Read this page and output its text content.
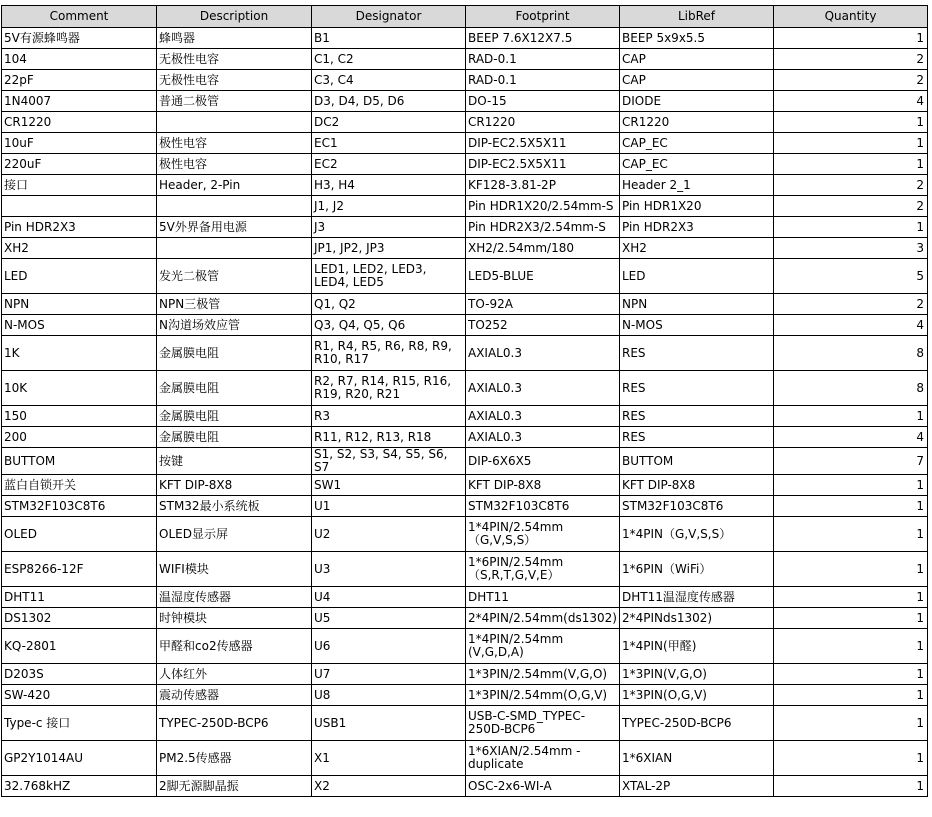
Comment	Description	Designator	Footprint	LibRef	Quantity
5V有源蜂鸣器	蜂鸣器	B1	BEEP 7.6X12X7.5	BEEP 5x9x5.5	1
104	无极性电容	C1, C2	RAD-0.1	CAP	2
22pF	无极性电容	C3, C4	RAD-0.1	CAP	2
1N4007	普通二极管	D3, D4, D5, D6	DO-15	DIODE	4
CR1220		DC2	CR1220	CR1220	1
10uF	极性电容	EC1	DIP-EC2.5X5X11	CAP_EC	1
220uF	极性电容	EC2	DIP-EC2.5X5X11	CAP_EC	1
接口	Header, 2-Pin	H3, H4	KF128-3.81-2P	Header 2_1	2
		J1, J2	Pin HDR1X20/2.54mm-S	Pin HDR1X20	2
Pin HDR2X3	5V外界备用电源	J3	Pin HDR2X3/2.54mm-S	Pin HDR2X3	1
XH2		JP1, JP2, JP3	XH2/2.54mm/180	XH2	3
LED	发光二极管	LED1, LED2, LED3, LED4, LED5	LED5-BLUE	LED	5
NPN	NPN三极管	Q1, Q2	TO-92A	NPN	2
N-MOS	N沟道场效应管	Q3, Q4, Q5, Q6	TO252	N-MOS	4
1K	金属膜电阻	R1, R4, R5, R6, R8, R9, R10, R17	AXIAL0.3	RES	8
10K	金属膜电阻	R2, R7, R14, R15, R16, R19, R20, R21	AXIAL0.3	RES	8
150	金属膜电阻	R3	AXIAL0.3	RES	1
200	金属膜电阻	R11, R12, R13, R18	AXIAL0.3	RES	4
BUTTOM	按键	S1, S2, S3, S4, S5, S6, S7	DIP-6X6X5	BUTTOM	7
蓝白自锁开关	KFT DIP-8X8	SW1	KFT DIP-8X8	KFT DIP-8X8	1
STM32F103C8T6	STM32最小系统板	U1	STM32F103C8T6	STM32F103C8T6	1
OLED	OLED显示屏	U2	1*4PIN/2.54mm（G,V,S,S）	1*4PIN（G,V,S,S）	1
ESP8266-12F	WIFI模块	U3	1*6PIN/2.54mm（S,R,T,G,V,E）	1*6PIN（WiFi）	1
DHT11	温湿度传感器	U4	DHT11	DHT11温湿度传感器	1
DS1302	时钟模块	U5	2*4PIN/2.54mm(ds1302)	2*4PINds1302)	1
KQ-2801	甲醛和co2传感器	U6	1*4PIN/2.54mm (V,G,D,A)	1*4PIN(甲醛)	1
D203S	人体红外	U7	1*3PIN/2.54mm(V,G,O)	1*3PIN(V,G,O)	1
SW-420	震动传感器	U8	1*3PIN/2.54mm(O,G,V)	1*3PIN(O,G,V)	1
Type-c 接口	TYPEC-250D-BCP6	USB1	USB-C-SMD_TYPEC-250D-BCP6	TYPEC-250D-BCP6	1
GP2Y1014AU	PM2.5传感器	X1	1*6XIAN/2.54mm - duplicate	1*6XIAN	1
32.768kHZ	2脚无源脚晶振	X2	OSC-2x6-WI-A	XTAL-2P	1
